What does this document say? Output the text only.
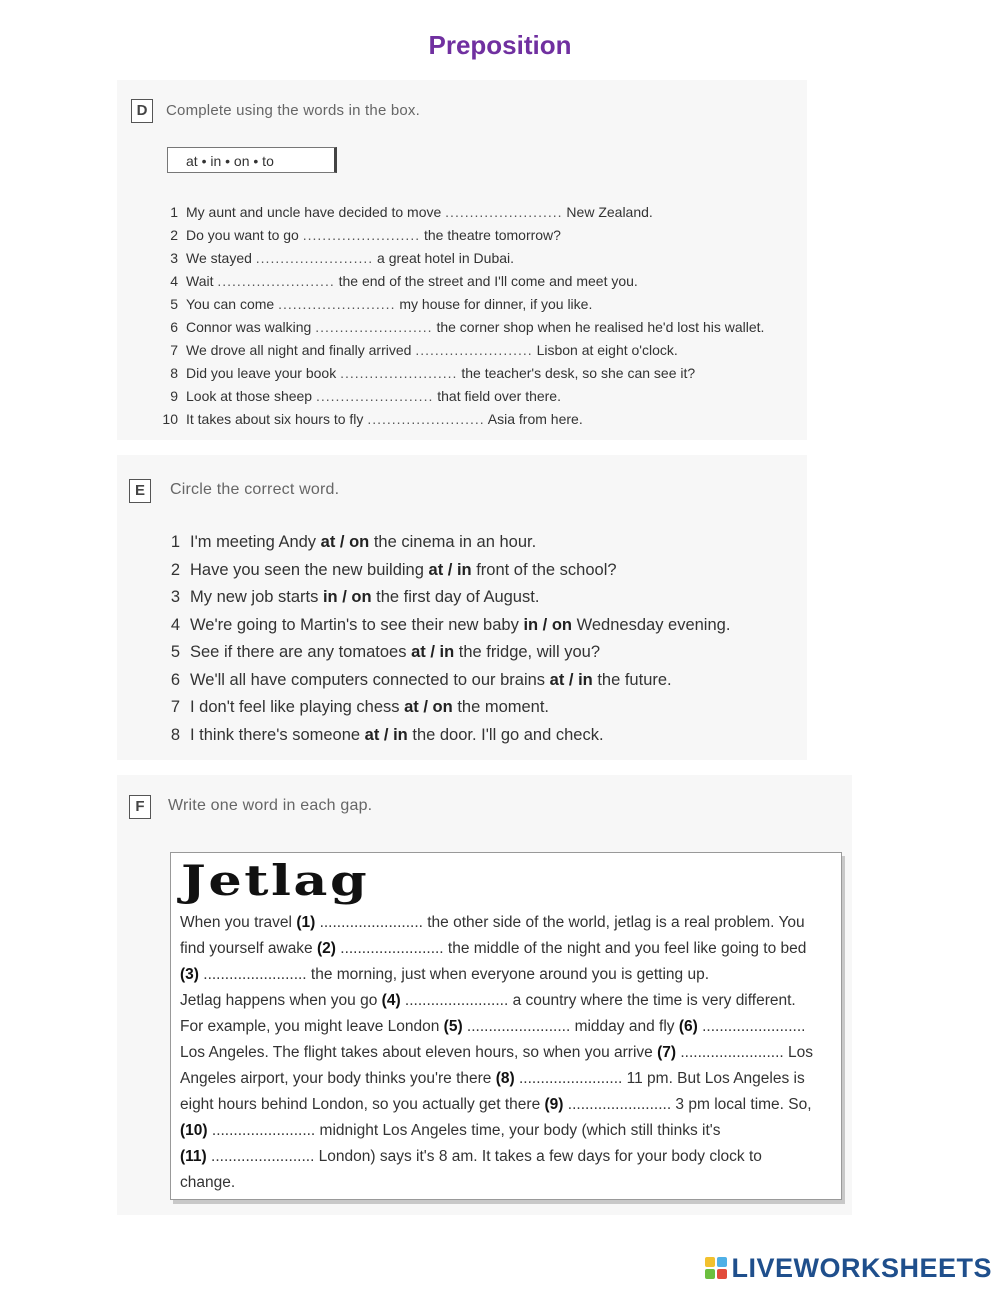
Preposition
D	Complete using the words in the box.
at • in • on • to
1 My aunt and uncle have decided to move ........................ New Zealand.
2 Do you want to go ........................ the theatre tomorrow?
3 We stayed ........................ a great hotel in Dubai.
4 Wait ........................ the end of the street and I'll come and meet you.
5 You can come ........................ my house for dinner, if you like.
6 Connor was walking ........................ the corner shop when he realised he'd lost his wallet.
7 We drove all night and finally arrived ........................ Lisbon at eight o'clock.
8 Did you leave your book ........................ the teacher's desk, so she can see it?
9 Look at those sheep ........................ that field over there.
10 It takes about six hours to fly ........................ Asia from here.
E	Circle the correct word.
1 I'm meeting Andy at / on the cinema in an hour.
2 Have you seen the new building at / in front of the school?
3 My new job starts in / on the first day of August.
4 We're going to Martin's to see their new baby in / on Wednesday evening.
5 See if there are any tomatoes at / in the fridge, will you?
6 We'll all have computers connected to our brains at / in the future.
7 I don't feel like playing chess at / on the moment.
8 I think there's someone at / in the door. I'll go and check.
F	Write one word in each gap.
Jetlag
When you travel (1) ........................ the other side of the world, jetlag is a real problem. You
find yourself awake (2) ........................ the middle of the night and you feel like going to bed
(3) ........................ the morning, just when everyone around you is getting up.
Jetlag happens when you go (4) ........................ a country where the time is very different.
For example, you might leave London (5) ........................ midday and fly (6) ........................
Los Angeles. The flight takes about eleven hours, so when you arrive (7) ........................ Los
Angeles airport, your body thinks you're there (8) ........................ 11 pm. But Los Angeles is
eight hours behind London, so you actually get there (9) ........................ 3 pm local time. So,
(10) ........................ midnight Los Angeles time, your body (which still thinks it's
(11) ........................ London) says it's 8 am. It takes a few days for your body clock to
change.
LIVEWORKSHEETS
